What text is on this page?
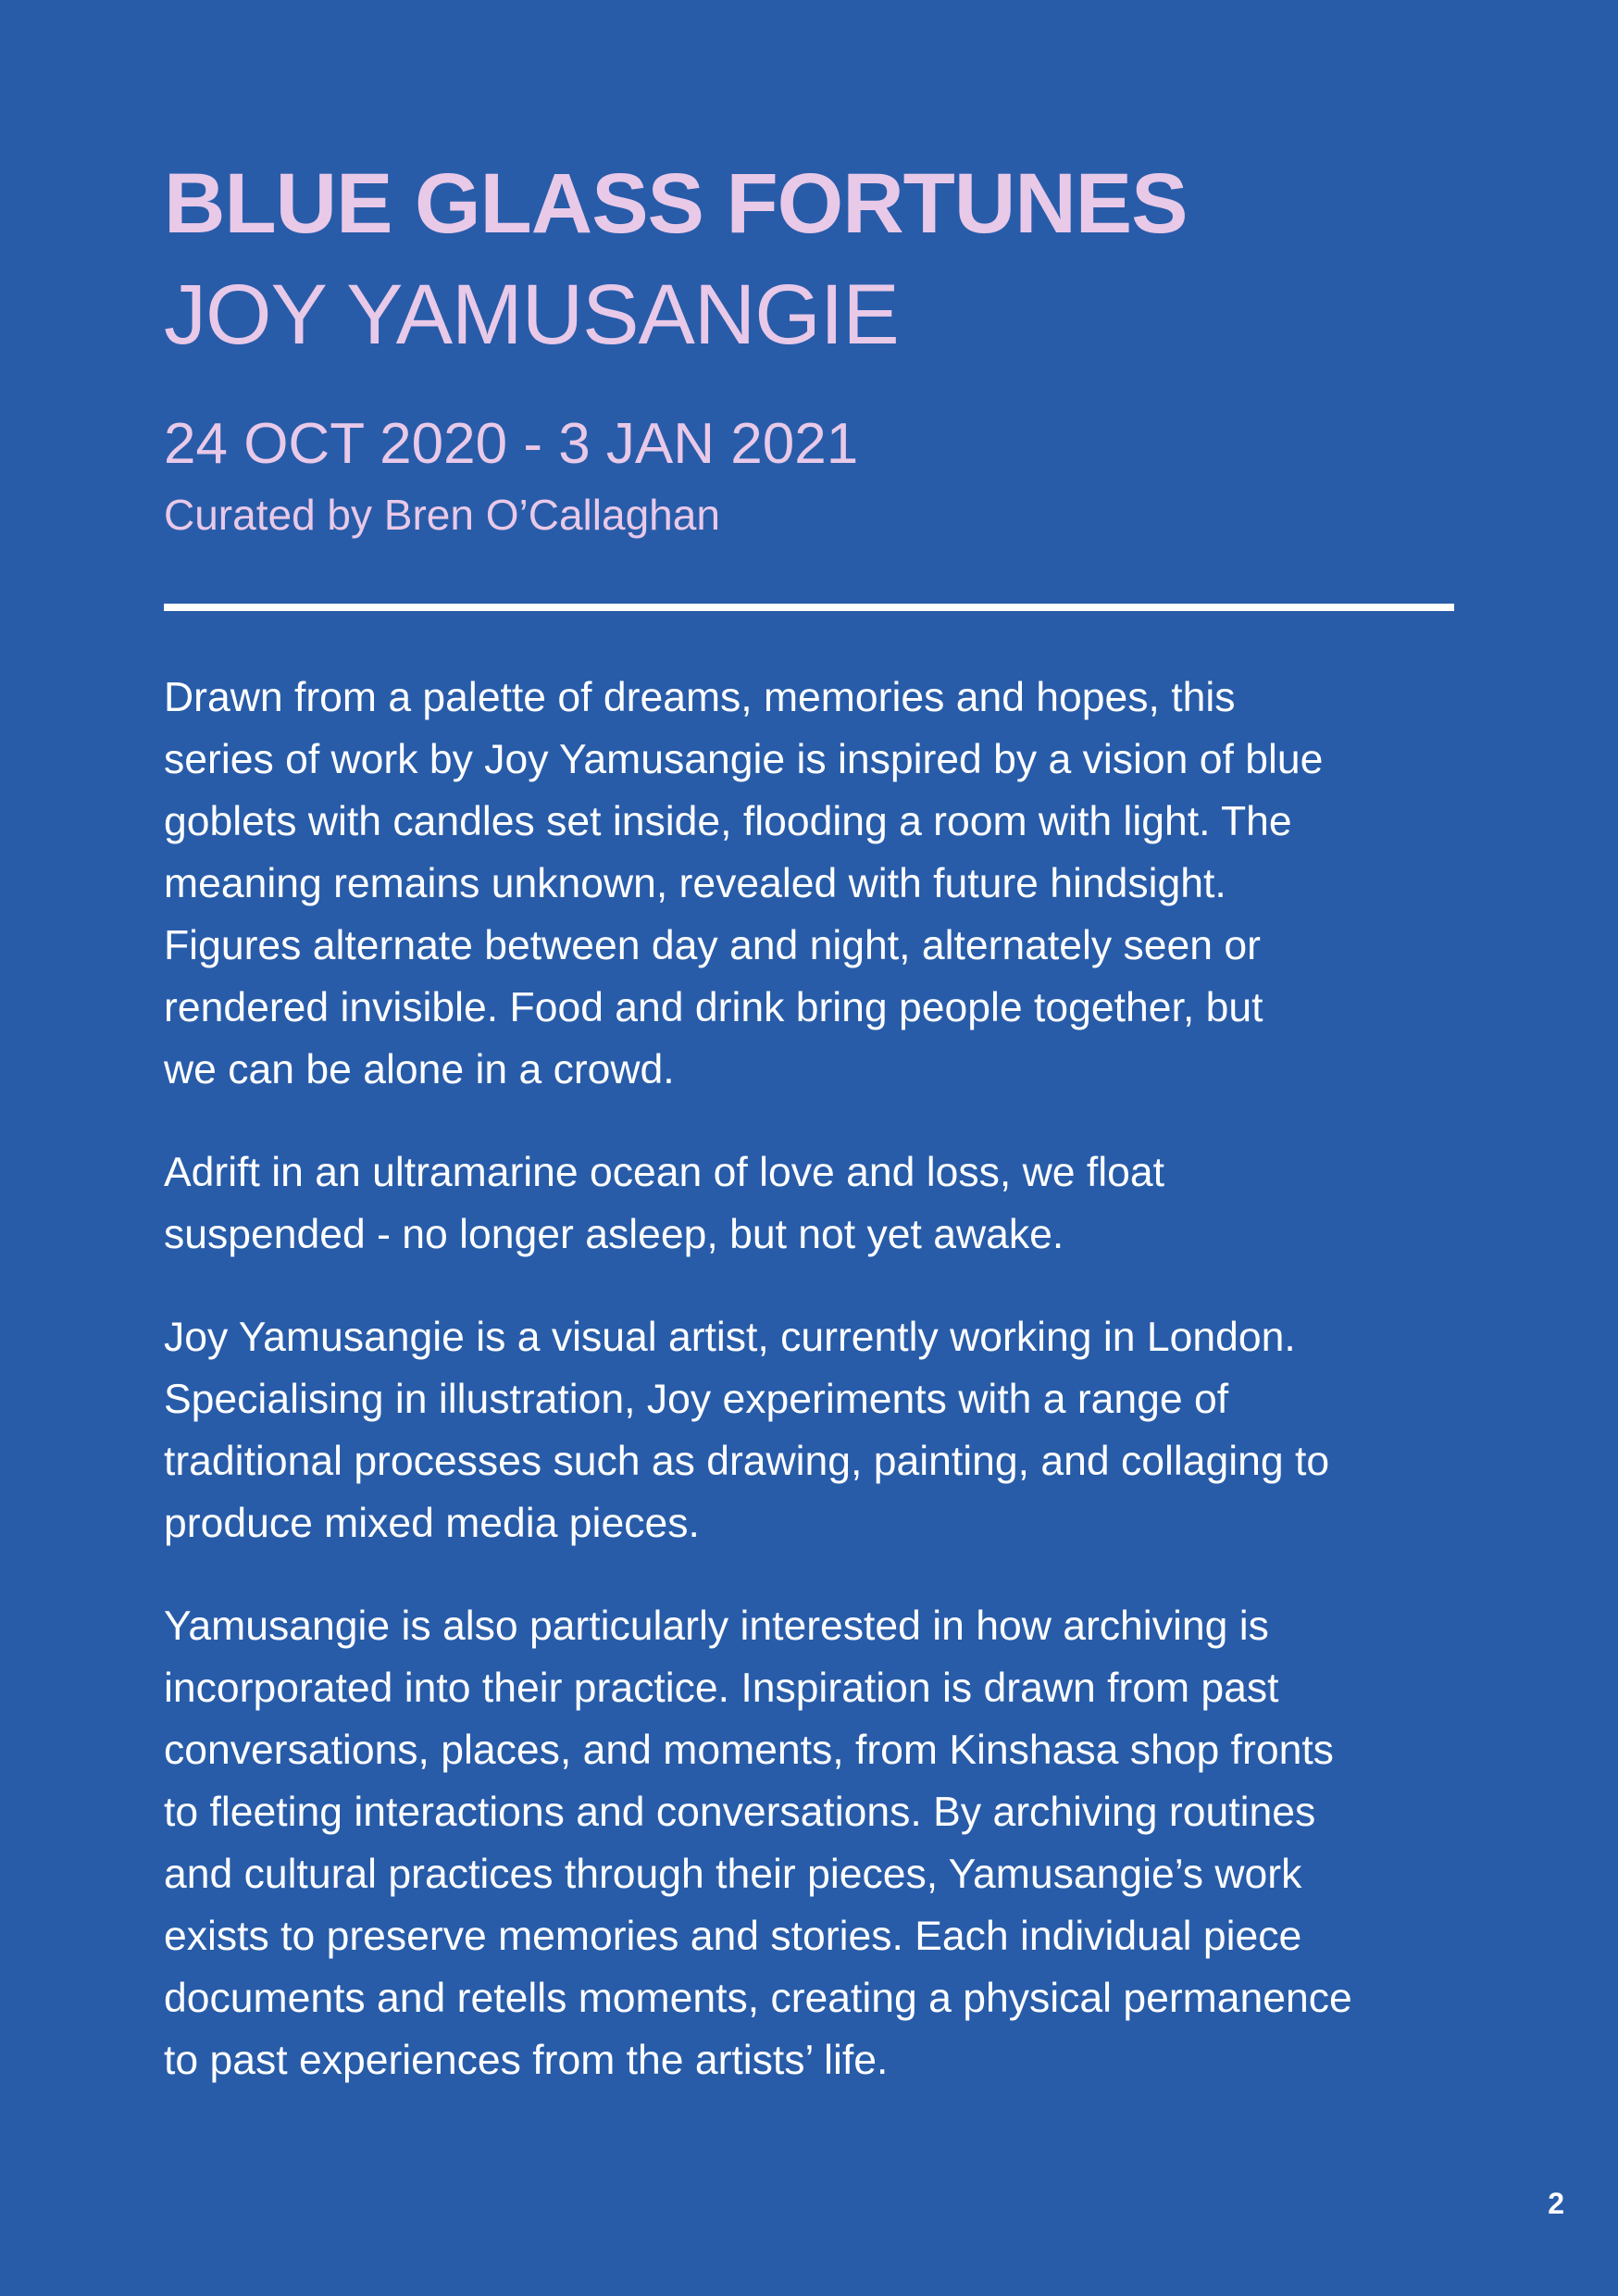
BLUE GLASS FORTUNES
JOY YAMUSANGIE
24 OCT 2020 - 3 JAN 2021
Curated by Bren O’Callaghan

Drawn from a palette of dreams, memories and hopes, this
series of work by Joy Yamusangie is inspired by a vision of blue
goblets with candles set inside, flooding a room with light. The
meaning remains unknown, revealed with future hindsight.
Figures alternate between day and night, alternately seen or
rendered invisible. Food and drink bring people together, but
we can be alone in a crowd.

Adrift in an ultramarine ocean of love and loss, we float
suspended - no longer asleep, but not yet awake.

Joy Yamusangie is a visual artist, currently working in London.
Specialising in illustration, Joy experiments with a range of
traditional processes such as drawing, painting, and collaging to
produce mixed media pieces.

Yamusangie is also particularly interested in how archiving is
incorporated into their practice. Inspiration is drawn from past
conversations, places, and moments, from Kinshasa shop fronts
to fleeting interactions and conversations. By archiving routines
and cultural practices through their pieces, Yamusangie’s work
exists to preserve memories and stories. Each individual piece
documents and retells moments, creating a physical permanence
to past experiences from the artists’ life.

2
